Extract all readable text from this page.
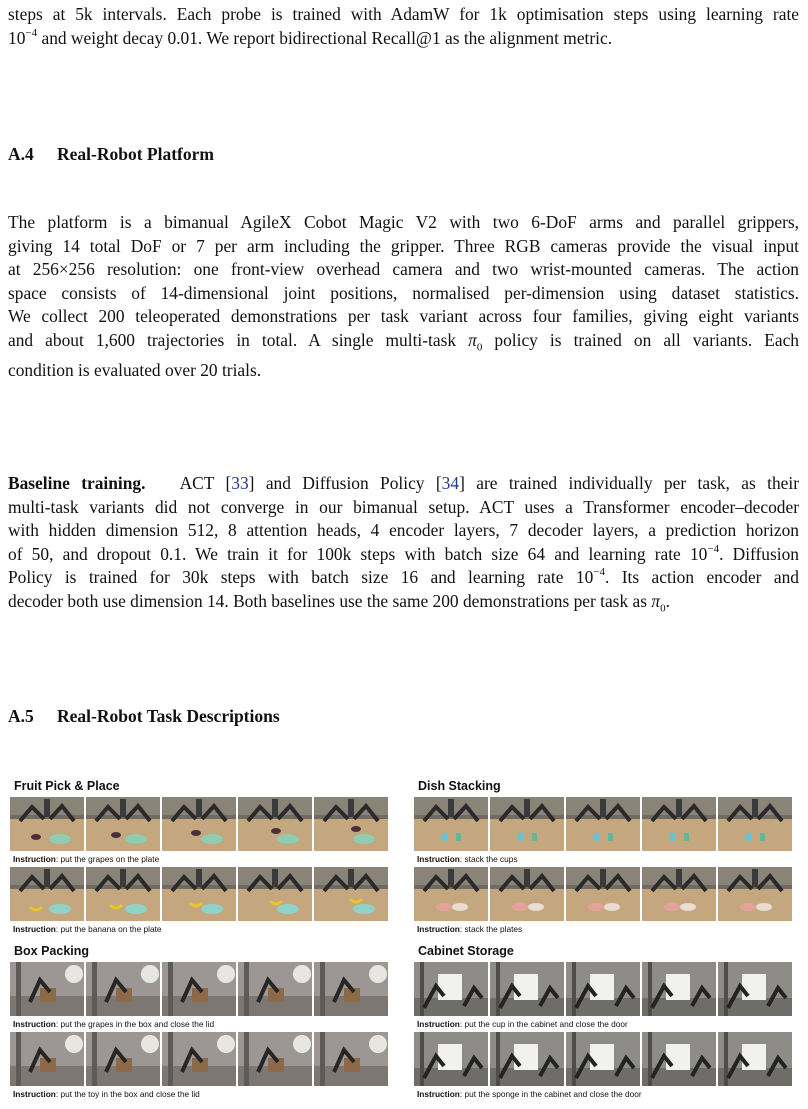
steps at 5k intervals. Each probe is trained with AdamW for 1k optimisation steps using learning rate
$10^{-4}$ and weight decay 0.01. We report bidirectional Recall@1 as the alignment metric.
A.4 Real-Robot Platform
The platform is a bimanual AgileX Cobot Magic V2 with two 6-DoF arms and parallel grippers,
giving 14 total DoF or 7 per arm including the gripper. Three RGB cameras provide the visual input
at 256×256 resolution: one front-view overhead camera and two wrist-mounted cameras. The action
space consists of 14-dimensional joint positions, normalised per-dimension using dataset statistics.
We collect 200 teleoperated demonstrations per task variant across four families, giving eight variants
and about 1,600 trajectories in total. A single multi-task $\pi_0$ policy is trained on all variants. Each
condition is evaluated over 20 trials.
Baseline training. ACT [33] and Diffusion Policy [34] are trained individually per task, as their
multi-task variants did not converge in our bimanual setup. ACT uses a Transformer encoder–decoder
with hidden dimension 512, 8 attention heads, 4 encoder layers, 7 decoder layers, a prediction horizon
of 50, and dropout 0.1. We train it for 100k steps with batch size 64 and learning rate $10^{-4}$. Diffusion
Policy is trained for 30k steps with batch size 16 and learning rate $10^{-4}$. Its action encoder and
decoder both use dimension 14. Both baselines use the same 200 demonstrations per task as $\pi_0$.
A.5 Real-Robot Task Descriptions
Fruit Pick & Place
Instruction: put the grapes on the plate
Instruction: put the banana on the plate
Dish Stacking
Instruction: stack the cups
Instruction: stack the plates
Box Packing
Instruction: put the grapes in the box and close the lid
Instruction: put the toy in the box and close the lid
Cabinet Storage
Instruction: put the cup in the cabinet and close the door
Instruction: put the sponge in the cabinet and close the door
